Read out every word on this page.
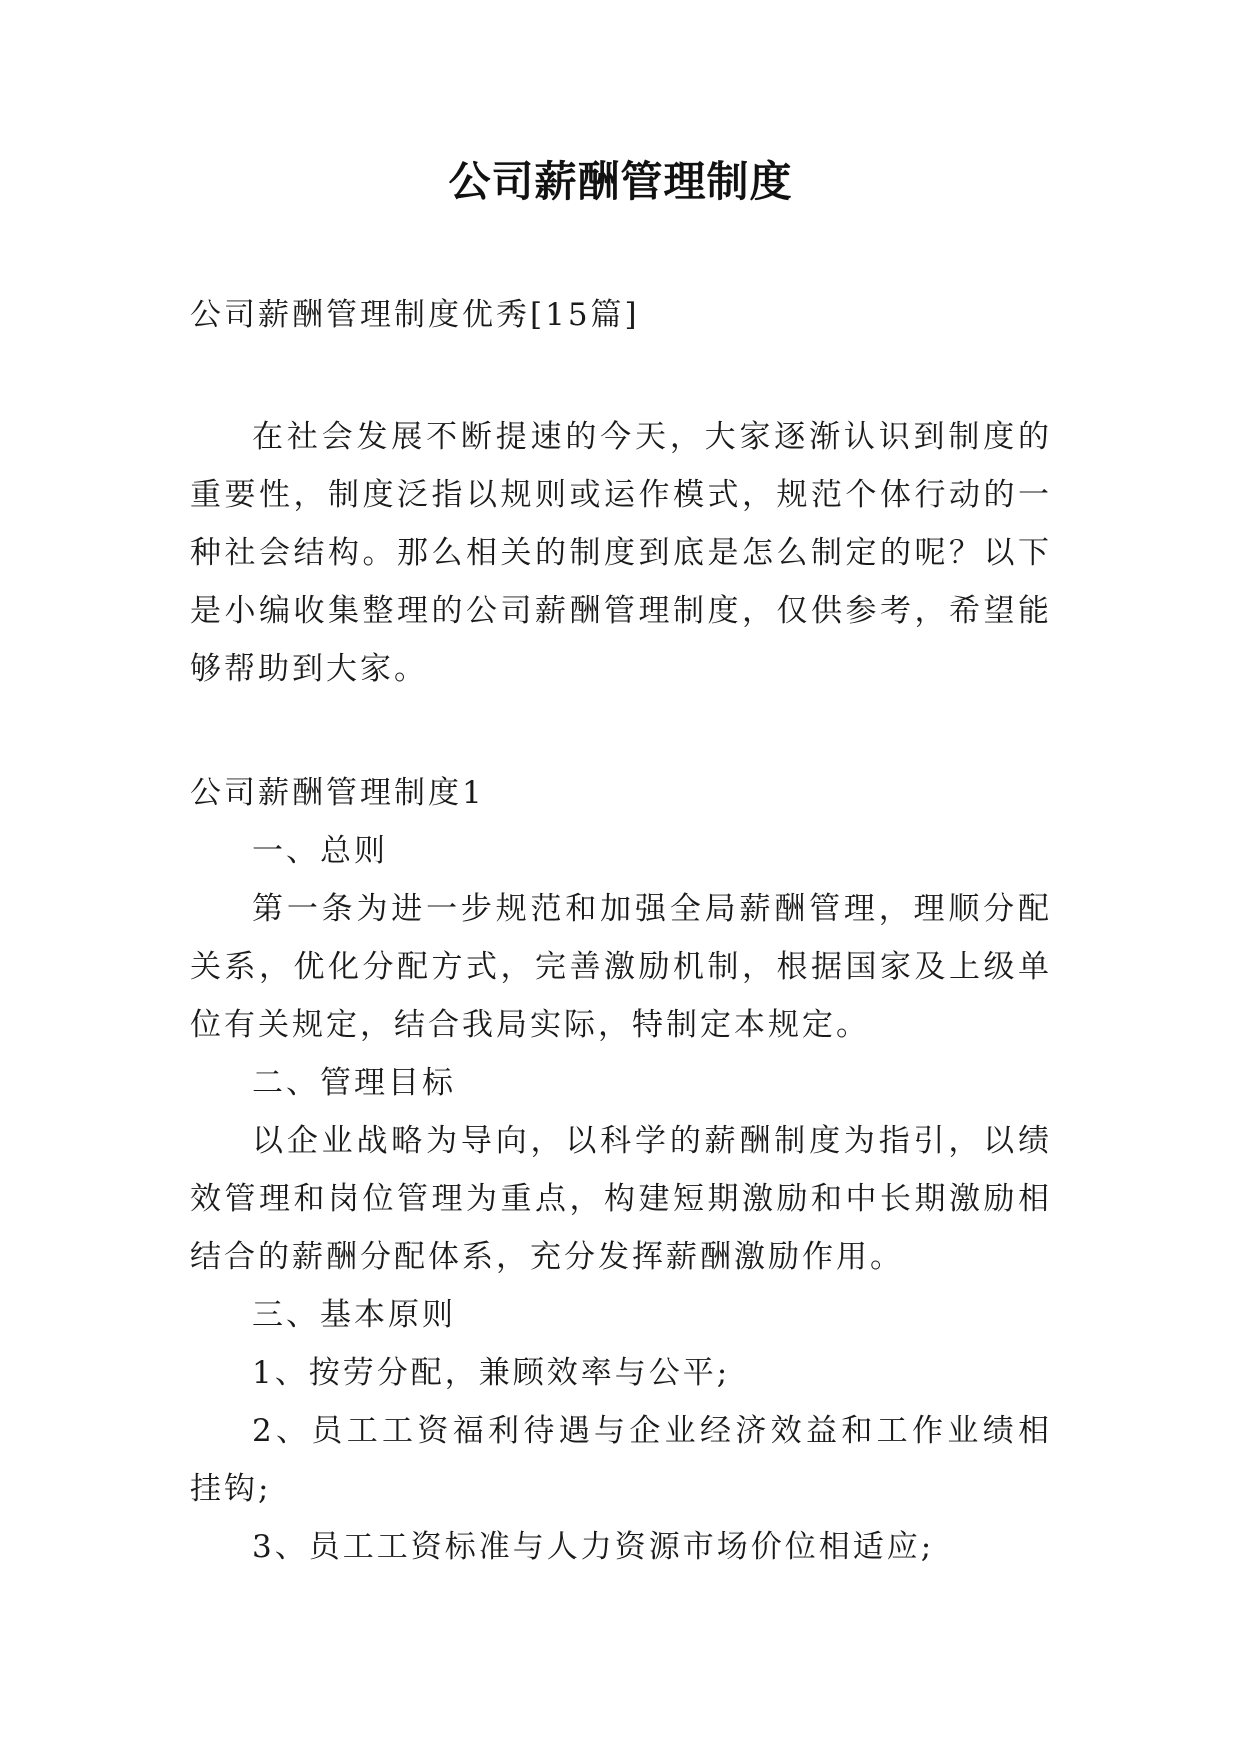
公司薪酬管理制度

公司薪酬管理制度优秀[15篇]

在社会发展不断提速的今天，大家逐渐认识到制度的重要性，制度泛指以规则或运作模式，规范个体行动的一种社会结构。那么相关的制度到底是怎么制定的呢？以下是小编收集整理的公司薪酬管理制度，仅供参考，希望能够帮助到大家。

公司薪酬管理制度1

一、总则

第一条为进一步规范和加强全局薪酬管理，理顺分配关系，优化分配方式，完善激励机制，根据国家及上级单位有关规定，结合我局实际，特制定本规定。

二、管理目标

以企业战略为导向，以科学的薪酬制度为指引，以绩效管理和岗位管理为重点，构建短期激励和中长期激励相结合的薪酬分配体系，充分发挥薪酬激励作用。

三、基本原则

1、按劳分配，兼顾效率与公平;

2、员工工资福利待遇与企业经济效益和工作业绩相挂钩;

3、员工工资标准与人力资源市场价位相适应;
